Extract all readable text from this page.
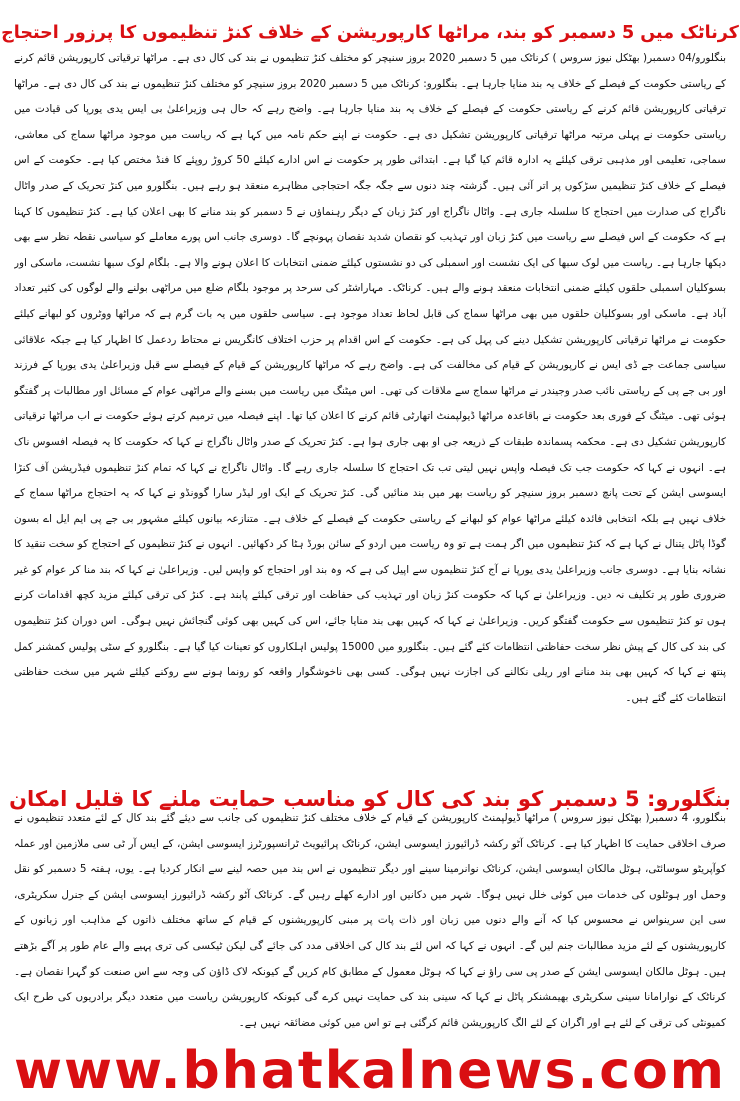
کرناٹک میں 5 دسمبر کو بند، مراٹھا کارپوریشن کے خلاف کنڑ تنظیموں کا پرزور احتجاج

بنگلورو/04 دسمبر( بھٹکل نیوز سروس ) کرناٹک میں 5 دسمبر 2020 بروز سنیچر کو مختلف کنڑ تنظیموں نے بند کی کال دی ہے۔ مراٹھا ترقیاتی کارپوریشن قائم کرنے کے ریاستی حکومت کے فیصلے کے خلاف یہ بند منایا جارہا ہے۔ بنگلورو: کرناٹک میں 5 دسمبر 2020 بروز سنیچر کو مختلف کنڑ تنظیموں نے بند کی کال دی ہے۔ مراٹھا ترقیاتی کارپوریشن قائم کرنے کے ریاستی حکومت کے فیصلے کے خلاف یہ بند منایا جارہا ہے۔ واضح رہے کہ حال ہی وزیراعلیٰ بی ایس یدی یورپا کی قیادت میں ریاستی حکومت نے پہلی مرتبہ مراٹھا ترقیاتی کارپوریشن تشکیل دی ہے۔ حکومت نے اپنے حکم نامہ میں کہا ہے کہ ریاست میں موجود مراٹھا سماج کی معاشی، سماجی، تعلیمی اور مذہبی ترقی کیلئے یہ ادارہ قائم کیا گیا ہے۔ ابتدائی طور پر حکومت نے اس ادارے کیلئے 50 کروڑ روپئے کا فنڈ مختص کیا ہے۔ حکومت کے اس فیصلے کے خلاف کنڑ تنظیمیں سڑکوں پر اتر آئی ہیں۔ گزشتہ چند دنوں سے جگہ جگہ احتجاجی مظاہرے منعقد ہو رہے ہیں۔ بنگلورو میں کنڑ تحریک کے صدر واٹال ناگراج کی صدارت میں احتجاج کا سلسلہ جاری ہے۔ واٹال ناگراج اور کنڑ زبان کے دیگر رہنماؤں نے 5 دسمبر کو بند منانے کا بھی اعلان کیا ہے۔ کنڑ تنظیموں کا کہنا ہے کہ حکومت کے اس فیصلے سے ریاست میں کنڑ زبان اور تہذیب کو نقصان شدید نقصان پہونچے گا۔ دوسری جانب اس پورے معاملے کو سیاسی نقطہ نظر سے بھی دیکھا جارہا ہے۔ ریاست میں لوک سبھا کی ایک نشست اور اسمبلی کی دو نشستوں کیلئے ضمنی انتخابات کا اعلان ہونے والا ہے۔ بلگام لوک سبھا نشست، ماسکی اور بسوکلیان اسمبلی حلقوں کیلئے ضمنی انتخابات منعقد ہونے والے ہیں۔ کرناٹک۔ مہاراشٹر کی سرحد پر موجود بلگام ضلع میں مراٹھی بولنے والے لوگوں کی کثیر تعداد آباد ہے۔ ماسکی اور بسوکلیان حلقوں میں بھی مراٹھا سماج کی قابل لحاظ تعداد موجود ہے۔ سیاسی حلقوں میں یہ بات گرم ہے کہ مراٹھا ووٹروں کو لبھانے کیلئے حکومت نے مراٹھا ترقیاتی کارپوریشن تشکیل دینے کی پہل کی ہے۔ حکومت کے اس اقدام پر حزب اختلاف کانگریس نے محتاط ردعمل کا اظہار کیا ہے جبکہ علاقائی سیاسی جماعت جے ڈی ایس نے کارپوریشن کے قیام کی مخالفت کی ہے۔ واضح رہے کہ مراٹھا کارپوریشن کے قیام کے فیصلے سے قبل وزیراعلیٰ یدی یورپا کے فرزند اور بی جے پی کے ریاستی نائب صدر وجیندر نے مراٹھا سماج سے ملاقات کی تھی۔ اس میٹنگ میں ریاست میں بسنے والے مراٹھی عوام کے مسائل اور مطالبات پر گفتگو ہوئی تھی۔ میٹنگ کے فوری بعد حکومت نے باقاعدہ مراٹھا ڈیولپمنٹ اتھارٹی قائم کرنے کا اعلان کیا تھا۔ اپنے فیصلہ میں ترمیم کرتے ہوئے حکومت نے اب مراٹھا ترقیاتی کارپوریشن تشکیل دی ہے۔ محکمہ پسماندہ طبقات کے ذریعہ جی او بھی جاری ہوا ہے۔ کنڑ تحریک کے صدر واٹال ناگراج نے کہا کہ حکومت کا یہ فیصلہ افسوس ناک ہے۔ انہوں نے کہا کہ حکومت جب تک فیصلہ واپس نہیں لیتی تب تک احتجاج کا سلسلہ جاری رہے گا۔ واٹال ناگراج نے کہا کہ تمام کنڑ تنظیموں فیڈریشن آف کنڑا ایسوسی ایشن کے تحت پانچ دسمبر بروز سنیچر کو ریاست بھر میں بند منائیں گی۔ کنڑ تحریک کے ایک اور لیڈر سارا گوونڈو نے کہا کہ یہ احتجاج مراٹھا سماج کے خلاف نہیں ہے بلکہ انتخابی فائدہ کیلئے مراٹھا عوام کو لبھانے کے ریاستی حکومت کے فیصلے کے خلاف ہے۔ متنازعہ بیانوں کیلئے مشہور بی جے پی ایم ایل اے بسون گوڈا پاٹل یتنال نے کہا ہے کہ کنڑ تنظیموں میں اگر ہمت ہے تو وہ ریاست میں اردو کے سائن بورڈ ہٹا کر دکھائیں۔ انہوں نے کنڑ تنظیموں کے احتجاج کو سخت تنقید کا نشانہ بنایا ہے۔ دوسری جانب وزیراعلیٰ یدی یورپا نے آج کنڑ تنظیموں سے اپیل کی ہے کہ وہ بند اور احتجاج کو واپس لیں۔ وزیراعلیٰ نے کہا کہ بند منا کر عوام کو غیر ضروری طور پر تکلیف نہ دیں۔ وزیراعلیٰ نے کہا کہ حکومت کنڑ زبان اور تہذیب کی حفاظت اور ترقی کیلئے پابند ہے۔ کنڑ کی ترقی کیلئے مزید کچھ اقدامات کرنے ہوں تو کنڑ تنظیموں سے حکومت گفتگو کریں۔ وزیراعلیٰ نے کہا کہ کہیں بھی بند منایا جائے، اس کی کہیں بھی کوئی گنجائش نہیں ہوگی۔ اس دوران کنڑ تنظیموں کی بند کی کال کے پیش نظر سخت حفاظتی انتظامات کئے گئے ہیں۔ بنگلورو میں 15000 پولیس اہلکاروں کو تعینات کیا گیا ہے۔ بنگلورو کے سٹی پولیس کمشنر کمل پنتھ نے کہا کہ کہیں بھی بند منانے اور ریلی نکالنے کی اجازت نہیں ہوگی۔ کسی بھی ناخوشگوار واقعہ کو رونما ہونے سے روکنے کیلئے شہر میں سخت حفاظتی انتظامات کئے گئے ہیں۔

بنگلورو: 5 دسمبر کو بند کی کال کو مناسب حمایت ملنے کا قلیل امکان

بنگلورو، 4 دسمبر( بھٹکل نیوز سروس ) مراٹھا ڈیولپمنٹ کارپوریشن کے قیام کے خلاف مختلف کنڑ تنظیموں کی جانب سے دیئے گئے بند کال کے لئے متعدد تنظیموں نے صرف اخلاقی حمایت کا اظہار کیا ہے۔ کرناٹک آٹو رکشہ ڈرائیورز ایسوسی ایشن، کرناٹک پرائیویٹ ٹرانسپورٹرز ایسوسی ایشن، کے ایس آر ٹی سی ملازمین اور عملہ کوآپریٹو سوسائٹی، ہوٹل مالکان ایسوسی ایشن، کرناٹک نوانرمینا سینے اور دیگر تنظیموں نے اس بند میں حصہ لینے سے انکار کردیا ہے۔ یوں، ہفتہ 5 دسمبر کو نقل وحمل اور ہوٹلوں کی خدمات میں کوئی خلل نہیں ہوگا۔ شہر میں دکانیں اور ادارے کھلے رہیں گے۔ کرناٹک آٹو رکشہ ڈرائیورز ایسوسی ایشن کے جنرل سکریٹری، سی این سرینواس نے محسوس کیا کہ آنے والے دنوں میں زبان اور ذات پات پر مبنی کارپوریشنوں کے قیام کے ساتھ مختلف ذاتوں کے مذاہب اور زبانوں کے کارپوریشنوں کے لئے مزید مطالبات جنم لیں گے۔ انہوں نے کہا کہ اس لئے بند کال کی اخلاقی مدد کی جائے گی لیکن ٹیکسی کی تری پہیے والے عام طور پر آگے بڑھتے ہیں۔ ہوٹل مالکان ایسوسی ایشن کے صدر پی سی راؤ نے کہا کہ ہوٹل معمول کے مطابق کام کریں گے کیونکہ لاک ڈاؤن کی وجہ سے اس صنعت کو گہرا نقصان ہے۔ کرناٹک کے نوارامانا سینی سکریٹری بھیمشنکر پاٹل نے کہا کہ سینی بند کی حمایت نہیں کرے گی کیونکہ کارپوریشن ریاست میں متعدد دیگر برادریوں کی طرح ایک کمیونٹی کی ترقی کے لئے ہے اور اگران کے لئے الگ کارپوریشن قائم کرگئی ہے تو اس میں کوئی مضائقہ نہیں ہے۔

www.bhatkalnews.com
